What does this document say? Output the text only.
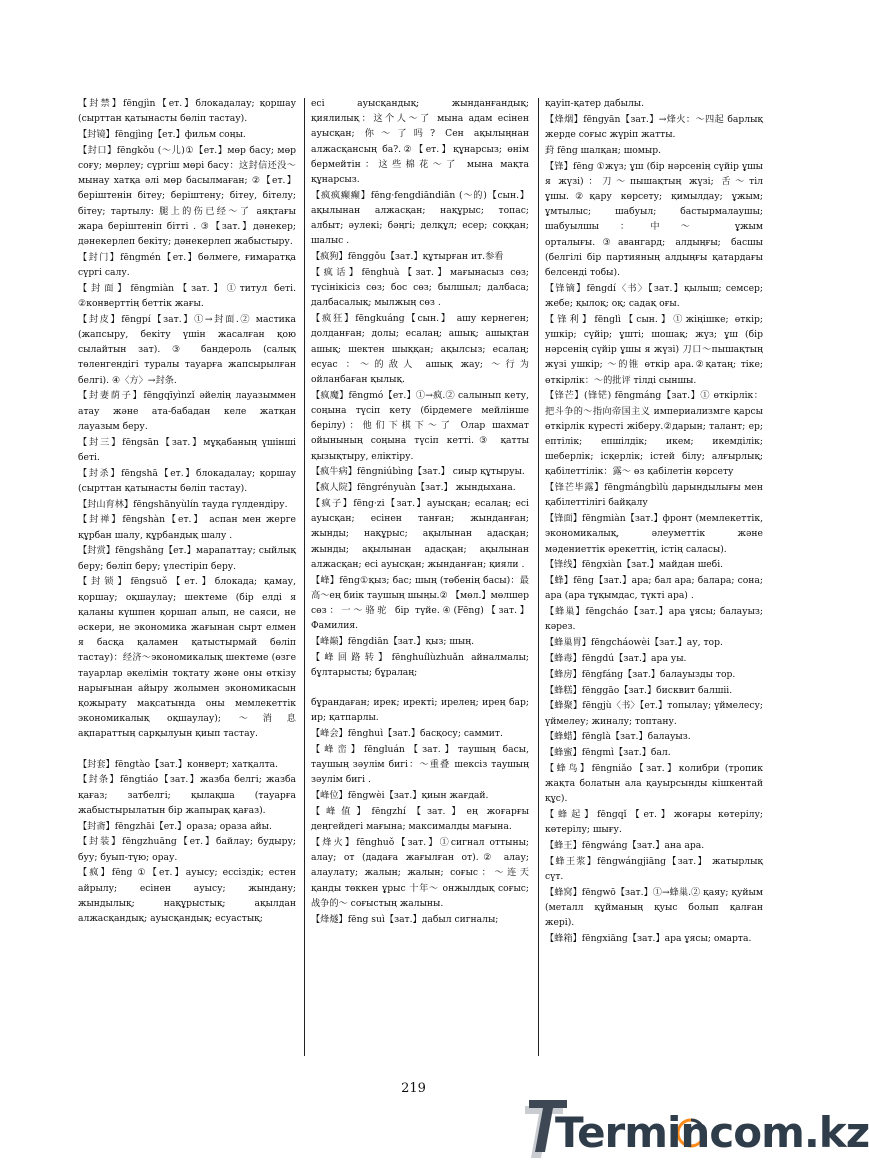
【封禁】fēngjìn【ет.】блокадалау; қоршау (сырттан қатынасты бөліп тастау).

【封镜】fēngjìng【ет.】фильм соңы.

【封口】fēngkǒu (～儿)①【ет.】мөр басу; мөр соғу; мөрлеу; сүргіш мөрі басу：这封信还没～мынау хатқа әлі мөр басылмаған; ②【ет.】беріштенін бітеу; беріштену; бітеу, бітелу; бітеу; тартылу: 腿上的伤已经～了 аяқтағы жара беріштеніп бітті . ③【зат.】дәнекер; дәнекерлеп бекіту; дәнекерлеп жабыстыру.

【封门】fēngmén【ет.】бөлмеге, ғимаратқа сүргі салу.

【封面】fēngmiàn【зат.】①титул беті. ②конверттің беттік жағы.

【封皮】fēngpí【зат.】①→封面.② мастика (жапсыру, бекіту үшін жасалған қою сылайтын зат). ③ бандероль (салық төленгендігі туралы тауарға жапсырылған белгі). ④〈方〉→封条.

【封妻荫子】fēngqīyìnzǐ әйелің лауазыммен атау және ата-бабадан келе жатқан лауазым беру.

【封三】fēngsān【зат.】мұқабаның үшінші беті.

【封杀】fēngshā【ет.】блокадалау; қоршау (сырттан қатынасты бөліп тастау).

【封山育林】fēngshānyùlín тауда гүлдендіру.

【封禅】fēngshàn【ет.】 аспан мен жерге құрбан шалу, құрбандық шалу .

【封赏】fēngshǎng【ет.】марапаттау; сыйлық беру; бөліп беру; үлестіріп беру.

【封锁】fēngsuǒ【ет.】блокада; қамау, қоршау; оқшаулау; шектеме (бір елді я қаланы күшпен қоршап алып, не саяси, не әскери, не экономика жағынан сырт елмен я басқа қаламен қатыстырмай бөліп тастау)：经济～экономикалық шектеме (өзге тауарлар әкелімін тоқтату және оны өткізу нарығынан айыру жолымен экономикасын қожырату мақсатында оны мемлекеттік экономикалық оқшаулау); ～消息 ақпараттың сарқылуын қиып тастау.

【封套】fēngtào【зат.】конверт; хатқалта.

【封条】fēngtiáo【зат.】жазба белгі; жазба қағаз; затбелгі; қылақша (тауарға жабыстырылатын бір жапырақ қағаз).

【封斋】fēngzhāi【ет.】ораза; ораза айы.

【封装】fēngzhuāng【ет.】байлау; будыру; буу; буып-түю; орау.

【疯】fēng ①【ет.】ауысу; ессіздік; естен айрылу; есінен ауысу; жындану; жындылық; нақұрыстық; ақылдан алжасқандық; ауысқандық; есуастық;

есі ауысқандық; жынданғандық; қиялилық：这个人～了 мына адам есінен ауысқан; 你～了吗? Сен ақылыңнан алжасқансың ба?.②【ет.】құнарсыз; өнім бермейтін：这些棉花～了 мына мақта құнарсыз.

【疯疯癫癫】fēng·fengdiāndiān (～的)【сын.】ақылынан алжасқан; нақұрыс; топас; албыт; әулекі; бәңгі; делқұл; есер; соққан; шалыс .

【疯狗】fēnggǒu【зат.】құтырған ит.参看

【疯话】fēnghuà【зат.】мағынасыз сөз; түсінікісіз сөз; бос сөз; былшыл; далбаса; далбасалық; мылжың сөз .

【疯狂】fēngkuáng【сын.】 ашу кернеген; долданған; долы; есалаң; ашық; ашықтан ашық; шектен шыққан; ақылсыз; есалаң; есуас ：～的敌人 ашық жау; ～行为 ойланбаған қылық.

【疯魔】fēngmó【ет.】①→疯.② салынып кету, соңына түсіп кету (бірдемеге мейлінше берілу)：他们下棋下～了 Олар шахмат ойынының соңына түсіп кетті.③ қатты қызықтыру, еліктіру.

【疯牛病】fēngniúbìng【зат.】 сиыр құтыруы.

【疯人院】fēngrényuàn【зат.】 жындыхана.

【疯子】fēng·zi【зат.】ауысқан; есалаң; есі ауысқан; есінен танған; жынданған; жынды; нақұрыс; ақылынан адасқан; жынды; ақылынан адасқан; ақылынан алжасқан; есі ауысқан; жынданған; қияли .

【峰】fēng①қыз; бас; шың (төбенің басы)：最高～ең биік таушың шыңы.② 【мөл.】мөлшер сөз：一～骆驼 бір түйе.④(Fēng)【зат.】Фамилия.

【峰巅】fēngdiān【зат.】қыз; шың.

【峰回路转】fēnghuílùzhuǎn айналмалы; бұлтарысты; бұралаң;

бұрандаған; ирек; иректі; ирелең; ирең бар; ир; қатпарлы.

【峰会】fēnghuì【зат.】басқосу; саммит.

【峰峦】fēngluán【зат.】таушың басы, таушың зәулім бигі：～重叠 шексіз таушың зәулім бигі .

【峰位】fēngwèi【зат.】қиын жағдай.

【峰值】fēngzhí【зат.】ең жоғарғы деңгейдегі мағына; максималды мағына.

【烽火】fēnghuǒ【зат.】①сигнал оттыны; алау; от (дадаға жағылған от).② алау; алаулату; жалын; жалын; соғыс：～连天 қанды төккен ұрыс 十年～ онжылдық соғыс; 战争的～ соғыстың жалыны.

【烽燧】fēng suì【зат.】дабыл сигналы;

қауіп-қатер дабылы.

【烽烟】fēngyān【зат.】→烽火：～四起 барлық жерде соғыс жүріп жатты.

葑 fēng шалқан; шомыр.

【锋】fēng ①жүз; ұш (бір нәрсенің сүйір ұшы я жүзі)：刀～пышақтың жүзі; 舌～тіл ұшы.②қару көрсету; қимылдау; ұжым; ұмтылыс; шабуыл; бастырмалаушы; шабуылшы：中～ ұжым орталығы.③авангард; алдыңғы; басшы (белгілі бір партияның алдыңғы қатардағы белсенді тобы).

【锋镝】fēngdí〈书〉【зат.】қылыш; семсер; жебе; қылоқ; оқ; садақ оғы.

【锋利】fēnglì【сын.】①жіңішке; өткір; ушкір; сүйір; ұшті; шошақ; жүз; ұш (бір нәрсенің сүйір ұшы я жүзі) 刀口～пышақтың жүзі ушкір; ～的锥 өткір ара.②қатаң; тіке; өткірлік：～的批评 тілді сыншы.

【锋芒】(锋铓) fēngmáng【зат.】① өткірлік：把斗争的～指向帝国主义 империализмге қарсы өткірлік күресті жіберу.②дарын; талант; ер; ептілік; епшілдік; икем; икемділік; шеберлік; ісқерлік; істей білу; алғырлық; қабілеттілік：露～ өз қабілетін көрсету

【锋芒毕露】fēngmángbìlù дарындылығы мен қабілеттілігі байқалу

【锋面】fēngmiàn【зат.】фронт (мемлекеттік, экономикалық, әлеуметтік және мәдениеттік әрекеттің, істің саласы).

【锋线】fēngxiàn【зат.】майдан шебі.

【蜂】fēng【зат.】ара; бал ара; балара; сона; ара (ара тұқымдас, түкті ара) .

【蜂巢】fēngcháo【зат.】ара ұясы; балауыз; кәрез.

【蜂巢胃】fēngcháowèi【зат.】ау, тор.

【蜂毒】fēngdú【зат.】ара уы.

【蜂房】fēngfáng【зат.】балауызды тор.

【蜂糕】fēnggāo【зат.】бисквит балшіі.

【蜂聚】fēngjù〈书〉【ет.】топылау; үймелесу; үймелеу; жиналу; топтану.

【蜂蜡】fēnglà【зат.】балауыз.

【蜂蜜】fēngmì【зат.】бал.

【蜂鸟】fēngniǎo【зат.】колибри (тропик жақта болатын ала қауырсынды кішкентай құс).

【蜂起】fēngqǐ【ет.】жоғары көтерілу; көтерілу; шығу.

【蜂王】fēngwáng【зат.】ана ара.

【蜂王浆】fēngwángjiāng【зат.】 жатырлық сүт.

【蜂窝】fēngwō【зат.】①→蜂巢.② қаяу; қуйым (металл құйманың қуыс болып қалған жері).

【蜂箱】fēngxiāng【зат.】ара ұясы; омарта.

219
Termincom.kz
